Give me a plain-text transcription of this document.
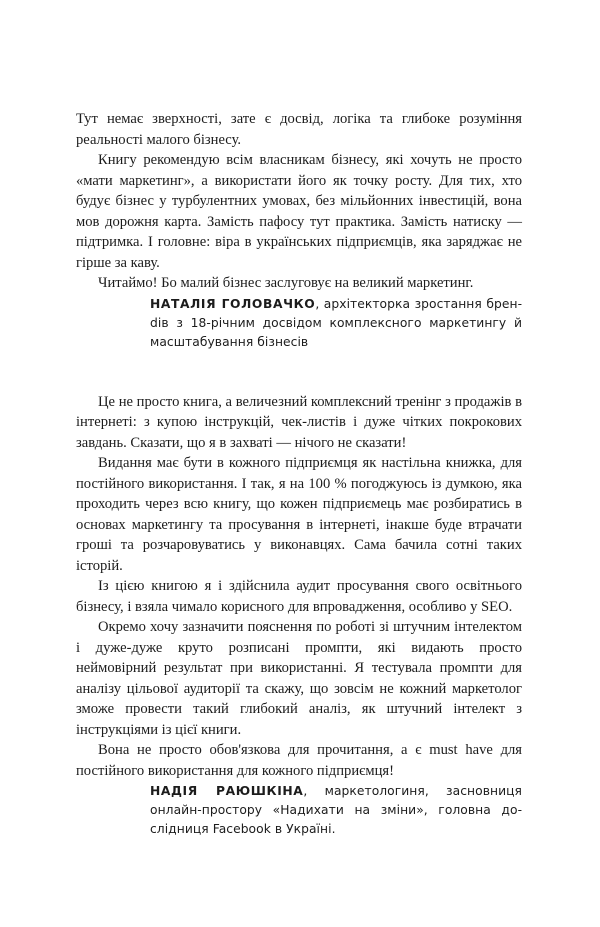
Тут немає зверхності, зате є досвід, логіка та глибоке розуміння реальності малого бізнесу.

Книгу рекомендую всім власникам бізнесу, які хочуть не просто «мати маркетинг», а використати його як точку росту. Для тих, хто будує бізнес у турбулентних умовах, без мільйонних інвестицій, вона мов дорожня карта. Замість пафосу тут практика. Замість натиску — підтримка. І головне: віра в українських підприємців, яка заряджає не гірше за каву.

Читаймо! Бо малий бізнес заслуговує на великий маркетинг.

НАТАЛІЯ ГОЛОВАЧКО, архітекторка зростання бренdів з 18-річним досвідом комплексного маркетингу й масштабування бізнесів

Це не просто книга, а величезний комплексний тренінг з продажів в інтернеті: з купою інструкцій, чек-листів і дуже чітких покрокових завдань. Сказати, що я в захваті — нічого не сказати!

Видання має бути в кожного підприємця як настільна книжка, для постійного використання. І так, я на 100 % погоджуюсь із думкою, яка проходить через всю книгу, що кожен підприємець має розбиратись в основах маркетингу та просування в інтернеті, інакше буде втрачати гроші та розчаровуватись у виконавцях. Сама бачила сотні таких історій.

Із цією книгою я і здійснила аудит просування свого освітнього бізнесу, і взяла чимало корисного для впровадження, особливо у SEO.

Окремо хочу зазначити пояснення по роботі зі штучним інтелектом і дуже-дуже круто розписані промпти, які видають просто неймовірний результат при використанні. Я тестувала промпти для аналізу цільової аудиторії та скажу, що зовсім не кожний маркетолог зможе провести такий глибокий аналіз, як штучний інтелект з інструкціями із цієї книги.

Вона не просто обов'язкова для прочитання, а є must have для постійного використання для кожного підприємця!

НАДІЯ РАЮШКІНА, маркетологиня, засновниця онлайн-простору «Надихати на зміни», головна дослідниця Facebook в Україні.
